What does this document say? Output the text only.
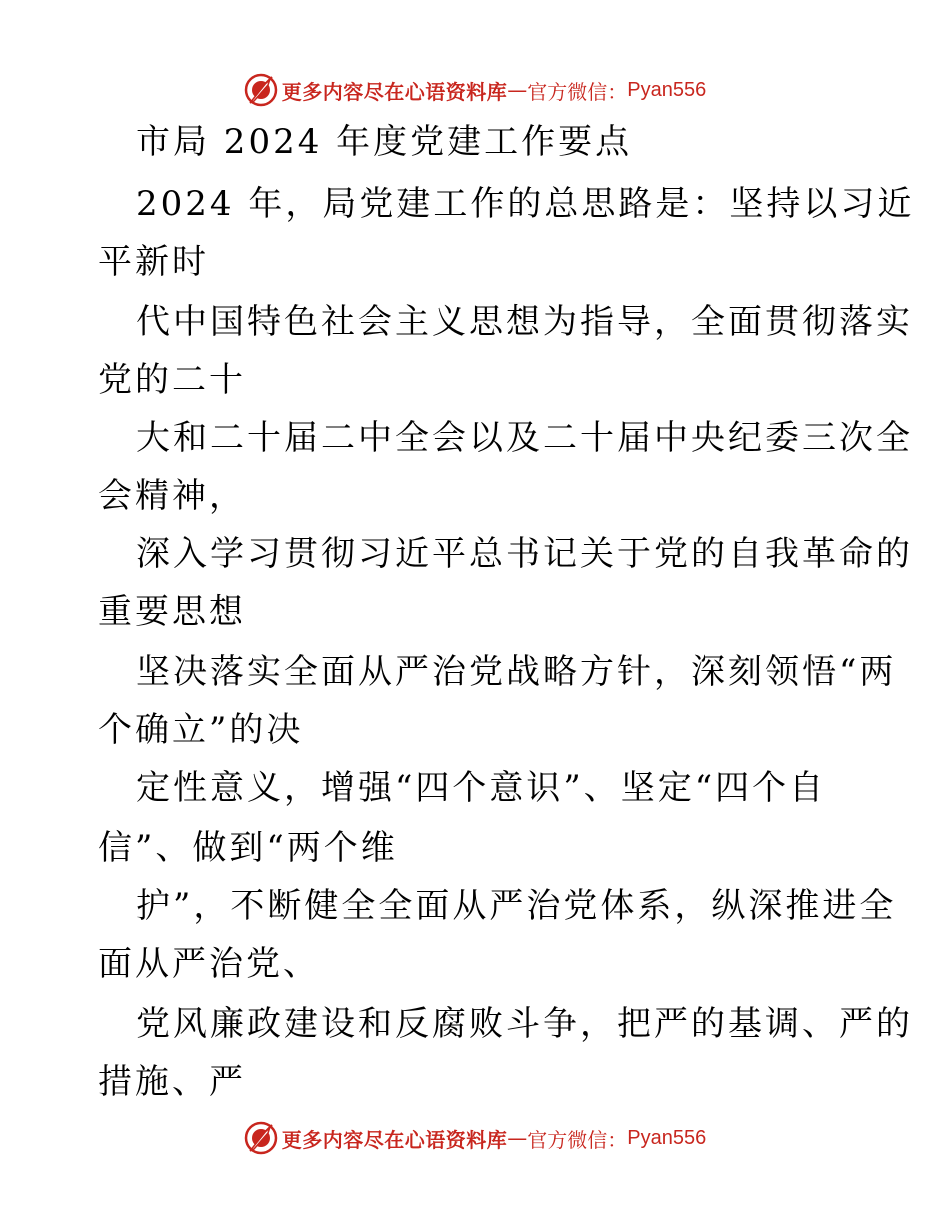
更多内容尽在心语资料库 — 官方微信： Pyan556
市局 2024 年度党建工作要点
2024 年，局党建工作的总思路是：坚持以习近
平新时
代中国特色社会主义思想为指导，全面贯彻落实
党的二十
大和二十届二中全会以及二十届中央纪委三次全
会精神，
深入学习贯彻习近平总书记关于党的自我革命的
重要思想
坚决落实全面从严治党战略方针，深刻领悟“两
个确立”的决
定性意义，增强“四个意识”、坚定“四个自
信”、做到“两个维
护”，不断健全全面从严治党体系，纵深推进全
面从严治党、
党风廉政建设和反腐败斗争，把严的基调、严的
措施、严
更多内容尽在心语资料库 — 官方微信： Pyan556
